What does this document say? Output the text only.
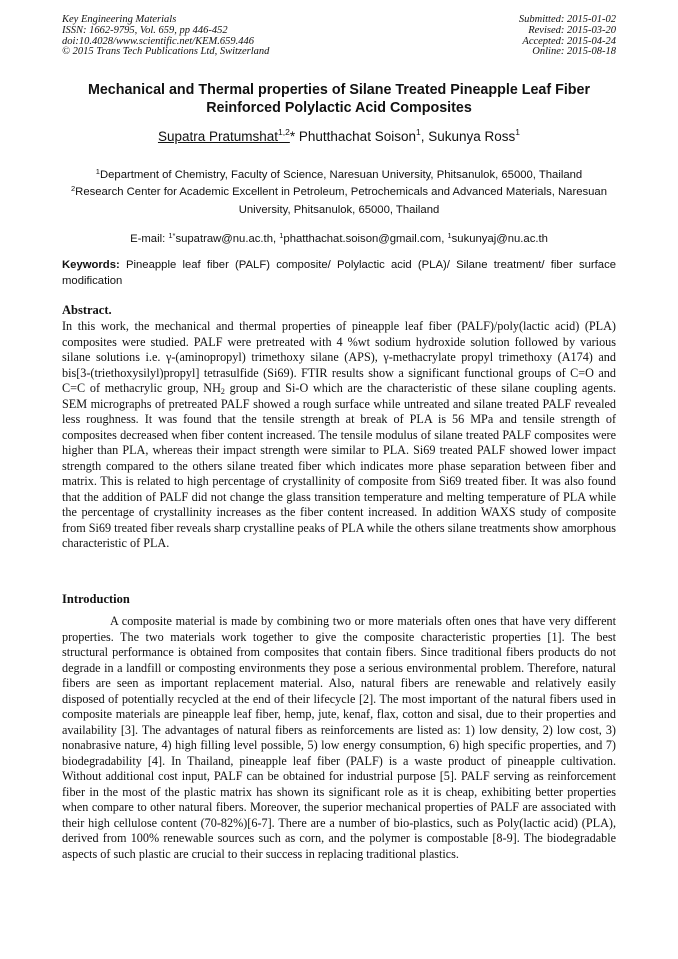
Key Engineering Materials
ISSN: 1662-9795, Vol. 659, pp 446-452
doi:10.4028/www.scientific.net/KEM.659.446
© 2015 Trans Tech Publications Ltd, Switzerland
Submitted: 2015-01-02
Revised: 2015-03-20
Accepted: 2015-04-24
Online: 2015-08-18
Mechanical and Thermal properties of Silane Treated Pineapple Leaf Fiber Reinforced Polylactic Acid Composites
Supatra Pratumshat$^{1,2}$* Phutthachat Soison$^1$, Sukunya Ross$^1$
$^1$Department of Chemistry, Faculty of Science, Naresuan University, Phitsanulok, 65000, Thailand
$^2$Research Center for Academic Excellent in Petroleum, Petrochemicals and Advanced Materials, Naresuan University, Phitsanulok, 65000, Thailand
E-mail: $^{1*}$supatraw@nu.ac.th, $^1$phatthachat.soison@gmail.com, $^1$sukunyaj@nu.ac.th
Keywords: Pineapple leaf fiber (PALF) composite/ Polylactic acid (PLA)/ Silane treatment/ fiber surface modification
Abstract.
In this work, the mechanical and thermal properties of pineapple leaf fiber (PALF)/poly(lactic acid) (PLA) composites were studied. PALF were pretreated with 4 %wt sodium hydroxide solution followed by various silane solutions i.e. γ-(aminopropyl) trimethoxy silane (APS), γ-methacrylate propyl trimethoxy (A174) and bis[3-(triethoxysilyl)propyl] tetrasulfide (Si69). FTIR results show a significant functional groups of C=O and C=C of methacrylic group, $NH_2$ group and Si-O which are the characteristic of these silane coupling agents. SEM micrographs of pretreated PALF showed a rough surface while untreated and silane treated PALF revealed less roughness. It was found that the tensile strength at break of PLA is 56 MPa and tensile strength of composites decreased when fiber content increased. The tensile modulus of silane treated PALF composites were higher than PLA, whereas their impact strength were similar to PLA. Si69 treated PALF showed lower impact strength compared to the others silane treated fiber which indicates more phase separation between fiber and matrix. This is related to high percentage of crystallinity of composite from Si69 treated fiber. It was also found that the addition of PALF did not change the glass transition temperature and melting temperature of PLA while the percentage of crystallinity increases as the fiber content increased. In addition WAXS study of composite from Si69 treated fiber reveals sharp crystalline peaks of PLA while the others silane treatments show amorphous characteristic of PLA.
Introduction
A composite material is made by combining two or more materials often ones that have very different properties. The two materials work together to give the composite characteristic properties [1]. The best structural performance is obtained from composites that contain fibers. Since traditional fibers products do not degrade in a landfill or composting environments they pose a serious environmental problem. Therefore, natural fibers are seen as important replacement material. Also, natural fibers are renewable and relatively easily disposed of potentially recycled at the end of their lifecycle [2]. The most important of the natural fibers used in composite materials are pineapple leaf fiber, hemp, jute, kenaf, flax, cotton and sisal, due to their properties and availability [3]. The advantages of natural fibers as reinforcements are listed as: 1) low density, 2) low cost, 3) nonabrasive nature, 4) high filling level possible, 5) low energy consumption, 6) high specific properties, and 7) biodegradability [4]. In Thailand, pineapple leaf fiber (PALF) is a waste product of pineapple cultivation. Without additional cost input, PALF can be obtained for industrial purpose [5]. PALF serving as reinforcement fiber in the most of the plastic matrix has shown its significant role as it is cheap, exhibiting better properties when compare to other natural fibers. Moreover, the superior mechanical properties of PALF are associated with their high cellulose content (70-82%)[6-7]. There are a number of bio-plastics, such as Poly(lactic acid) (PLA), derived from 100% renewable sources such as corn, and the polymer is compostable [8-9]. The biodegradable aspects of such plastic are crucial to their success in replacing traditional plastics.
